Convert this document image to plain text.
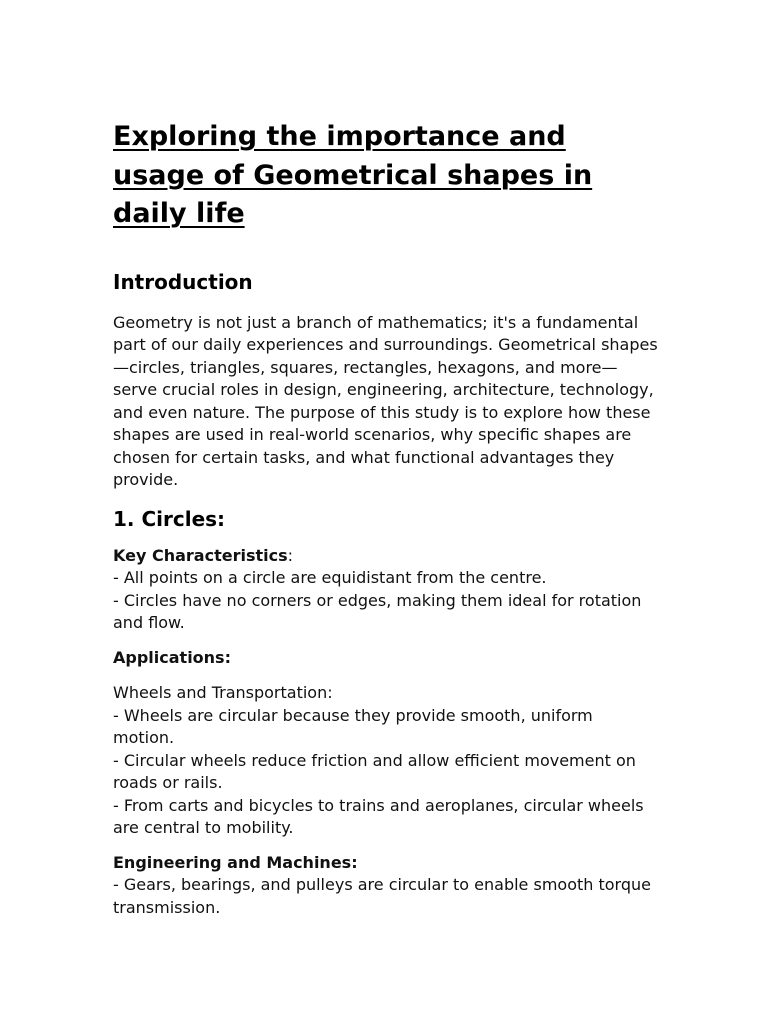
Exploring the importance and usage of Geometrical shapes in daily life
Introduction

Geometry is not just a branch of mathematics; it's a fundamental part of our daily experiences and surroundings. Geometrical shapes—circles, triangles, squares, rectangles, hexagons, and more—serve crucial roles in design, engineering, architecture, technology, and even nature. The purpose of this study is to explore how these shapes are used in real-world scenarios, why specific shapes are chosen for certain tasks, and what functional advantages they provide.

1. Circles:
Key Characteristics:
- All points on a circle are equidistant from the centre.
- Circles have no corners or edges, making them ideal for rotation and flow.
Applications:
Wheels and Transportation:
- Wheels are circular because they provide smooth, uniform motion.
- Circular wheels reduce friction and allow efficient movement on roads or rails.
- From carts and bicycles to trains and aeroplanes, circular wheels are central to mobility.
Engineering and Machines:
- Gears, bearings, and pulleys are circular to enable smooth torque transmission.
